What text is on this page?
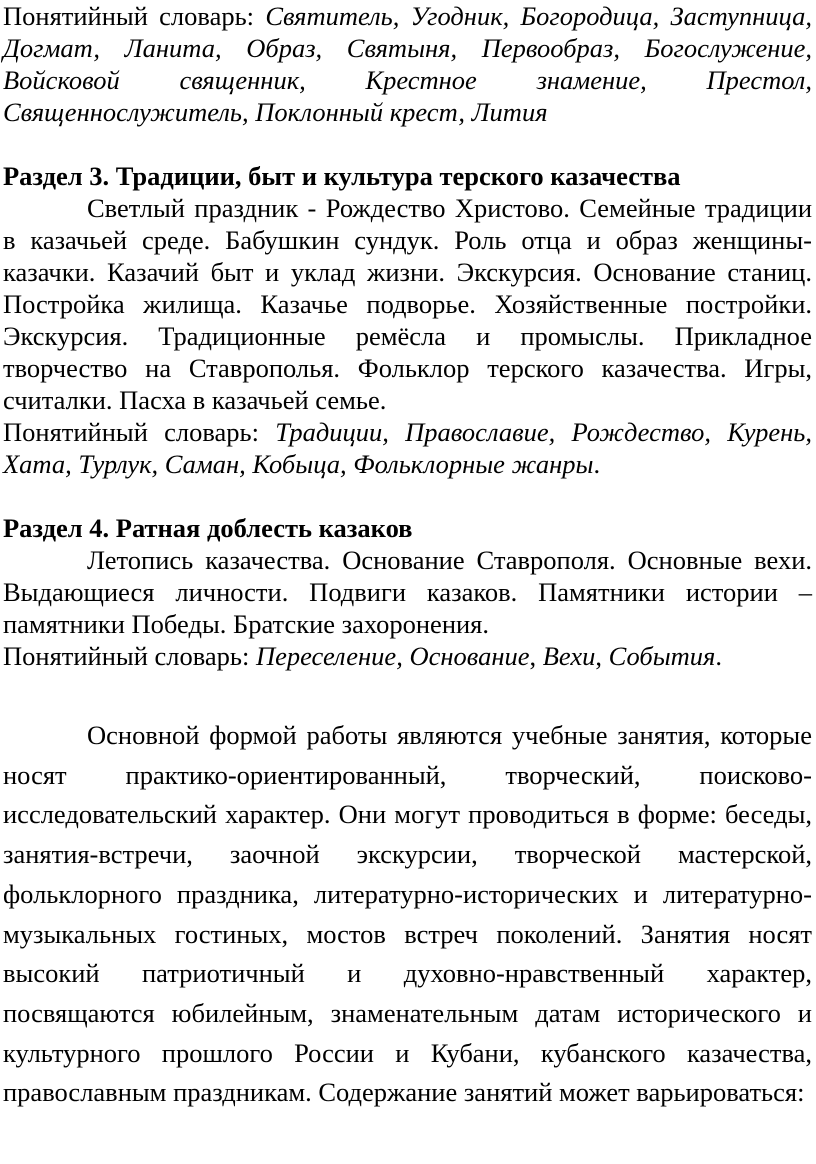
Понятийный словарь: Святитель, Угодник, Богородица, Заступница, Догмат, Ланита, Образ, Святыня, Первообраз, Богослужение, Войсковой священник, Крестное знамение, Престол, Священнослужитель, Поклонный крест, Лития

Раздел 3. Традиции, быт и культура терского казачества

Светлый праздник - Рождество Христово. Семейные традиции в казачьей среде. Бабушкин сундук. Роль отца и образ женщины-казачки. Казачий быт и уклад жизни. Экскурсия. Основание станиц. Постройка жилища. Казачье подворье. Хозяйственные постройки. Экскурсия. Традиционные ремёсла и промыслы. Прикладное творчество на Ставрополья. Фольклор терского казачества. Игры, считалки. Пасха в казачьей семье.

Понятийный словарь: Традиции, Православие, Рождество, Курень, Хата, Турлук, Саман, Кобыца, Фольклорные жанры.

Раздел 4. Ратная доблесть казаков

Летопись казачества. Основание Ставрополя. Основные вехи. Выдающиеся личности. Подвиги казаков. Памятники истории – памятники Победы. Братские захоронения.

Понятийный словарь: Переселение, Основание, Вехи, События.

Основной формой работы являются учебные занятия, которые носят практико-ориентированный, творческий, поисково-исследовательский характер. Они могут проводиться в форме: беседы, занятия-встречи, заочной экскурсии, творческой мастерской, фольклорного праздника, литературно-исторических и литературно-музыкальных гостиных, мостов встреч поколений. Занятия носят высокий патриотичный и духовно-нравственный характер, посвящаются юбилейным, знаменательным датам исторического и культурного прошлого России и Кубани, кубанского казачества, православным праздникам. Содержание занятий может варьироваться:
